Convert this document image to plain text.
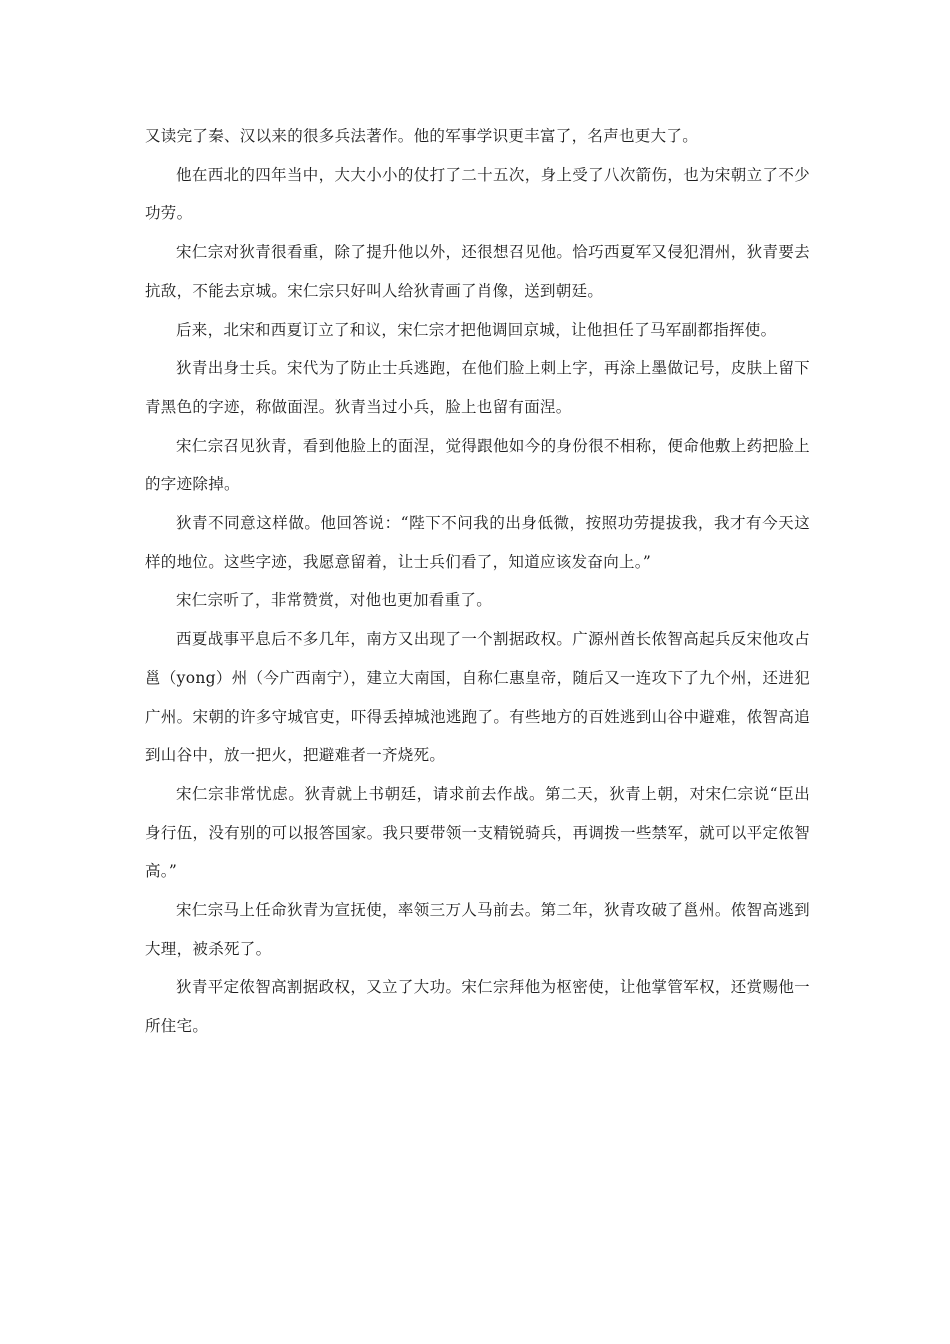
又读完了秦、汉以来的很多兵法著作。他的军事学识更丰富了，名声也更大了。

他在西北的四年当中，大大小小的仗打了二十五次，身上受了八次箭伤，也为宋朝立了不少功劳。

宋仁宗对狄青很看重，除了提升他以外，还很想召见他。恰巧西夏军又侵犯渭州，狄青要去抗敌，不能去京城。宋仁宗只好叫人给狄青画了肖像，送到朝廷。

后来，北宋和西夏订立了和议，宋仁宗才把他调回京城，让他担任了马军副都指挥使。

狄青出身士兵。宋代为了防止士兵逃跑，在他们脸上刺上字，再涂上墨做记号，皮肤上留下青黑色的字迹，称做面涅。狄青当过小兵，脸上也留有面涅。

宋仁宗召见狄青，看到他脸上的面涅，觉得跟他如今的身份很不相称，便命他敷上药把脸上的字迹除掉。

狄青不同意这样做。他回答说：“陛下不问我的出身低微，按照功劳提拔我，我才有今天这样的地位。这些字迹，我愿意留着，让士兵们看了，知道应该发奋向上。”

宋仁宗听了，非常赞赏，对他也更加看重了。

西夏战事平息后不多几年，南方又出现了一个割据政权。广源州酋长侬智高起兵反宋他攻占邕（yong）州（今广西南宁），建立大南国，自称仁惠皇帝，随后又一连攻下了九个州，还进犯广州。宋朝的许多守城官吏，吓得丢掉城池逃跑了。有些地方的百姓逃到山谷中避难，侬智高追到山谷中，放一把火，把避难者一齐烧死。

宋仁宗非常忧虑。狄青就上书朝廷，请求前去作战。第二天，狄青上朝，对宋仁宗说“臣出身行伍，没有别的可以报答国家。我只要带领一支精锐骑兵，再调拨一些禁军，就可以平定侬智高。”

宋仁宗马上任命狄青为宣抚使，率领三万人马前去。第二年，狄青攻破了邕州。侬智高逃到大理，被杀死了。

狄青平定侬智高割据政权，又立了大功。宋仁宗拜他为枢密使，让他掌管军权，还赏赐他一所住宅。
